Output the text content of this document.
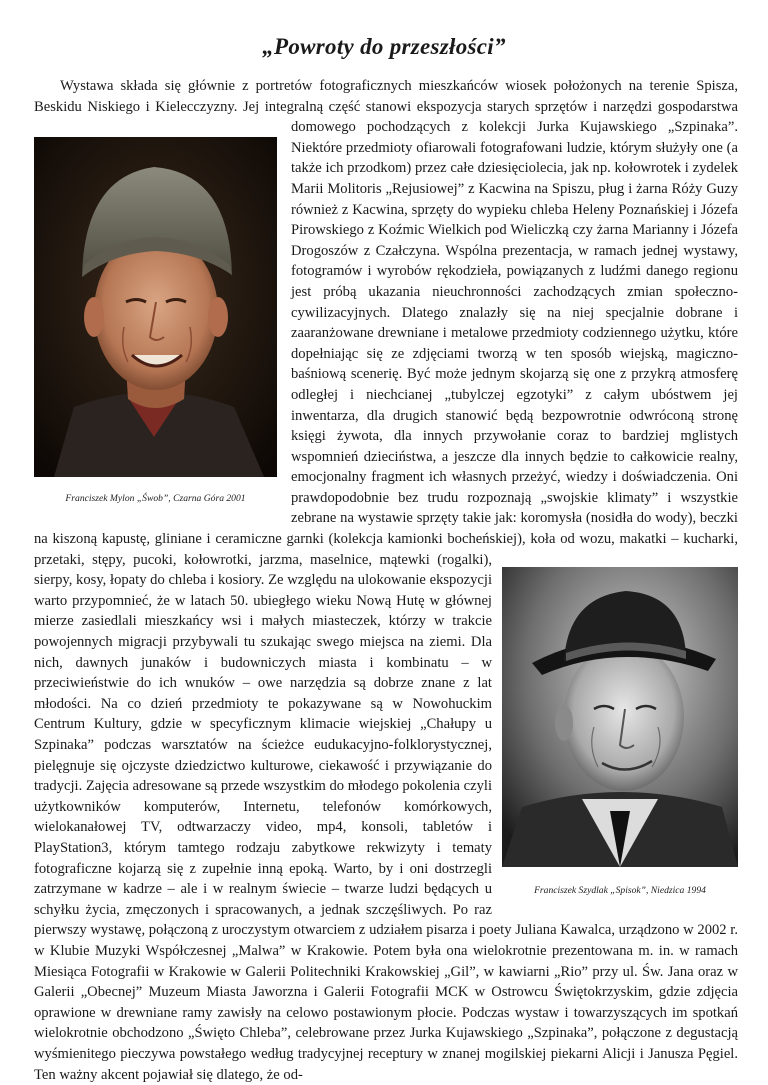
„Powroty do przeszłości”
Franciszek Mylon „Śwob”, Czarna Góra 2001
Franciszek Szydlak „Spisok”, Niedzica 1994
Wystawa składa się głównie z portretów fotograficznych mieszkańców wiosek położonych na terenie Spisza, Beskidu Niskiego i Kielecczyzny. Jej integralną część stanowi ekspozycja starych sprzętów i narzędzi gospodarstwa domowego pochodzących z kolekcji Jurka Kujawskiego „Szpinaka”. Niektóre przedmioty ofiarowali fotografowani ludzie, którym służyły one (a także ich przodkom) przez całe dziesięciolecia, jak np. kołowrotek i zydelek Marii Molitoris „Rejusiowej” z Kacwina na Spiszu, pług i żarna Róży Guzy również z Kacwina, sprzęty do wypieku chleba Heleny Poznańskiej i Józefa Pirowskiego z Koźmic Wielkich pod Wieliczką czy żarna Marianny i Józefa Drogoszów z Czałczyna. Wspólna prezentacja, w ramach jednej wystawy, fotogramów i wyrobów rękodzieła, powiązanych z ludźmi danego regionu jest próbą ukazania nieuchronności zachodzących zmian społeczno-cywilizacyjnych. Dlatego znalazły się na niej specjalnie dobrane i zaaranżowane drewniane i metalowe przedmioty codziennego użytku, które dopełniając się ze zdjęciami tworzą w ten sposób wiejską, magiczno-baśniową scenerię. Być może jednym skojarzą się one z przykrą atmosferę odległej i niechcianej „tubylczej egzotyki” z całym ubóstwem jej inwentarza, dla drugich stanowić będą bezpowrotnie odwróconą stronę księgi żywota, dla innych przywołanie coraz to bardziej mglistych wspomnień dzieciństwa, a jeszcze dla innych będzie to całkowicie realny, emocjonalny fragment ich własnych przeżyć, wiedzy i doświadczenia. Oni prawdopodobnie bez trudu rozpoznają „swojskie klimaty” i wszystkie zebrane na wystawie sprzęty takie jak: koromysła (nosidła do wody), beczki na kiszoną kapustę, gliniane i ceramiczne garnki (kolekcja kamionki bocheńskiej), koła od wozu, makatki – kucharki, przetaki, stępy, pucoki, kołowrotki, jarzma, maselnice, mątewki (rogalki), sierpy, kosy, łopaty do chleba i kosiory. Ze względu na ulokowanie ekspozycji warto przypomnieć, że w latach 50. ubiegłego wieku Nową Hutę w głównej mierze zasiedlali mieszkańcy wsi i małych miasteczek, którzy w trakcie powojennych migracji przybywali tu szukając swego miejsca na ziemi. Dla nich, dawnych junaków i budowniczych miasta i kombinatu – w przeciwieństwie do ich wnuków – owe narzędzia są dobrze znane z lat młodości. Na co dzień przedmioty te pokazywane są w Nowohuckim Centrum Kultury, gdzie w specyficznym klimacie wiejskiej „Chałupy u Szpinaka” podczas warsztatów na ścieżce eudukacyjno-folklorystycznej, pielęgnuje się ojczyste dziedzictwo kulturowe, ciekawość i przywiązanie do tradycji. Zajęcia adresowane są przede wszystkim do młodego pokolenia czyli użytkowników komputerów, Internetu, telefonów komórkowych, wielokanałowej TV, odtwarzaczy video, mp4, konsoli, tabletów i PlayStation3, którym tamtego rodzaju zabytkowe rekwizyty i tematy fotograficzne kojarzą się z zupełnie inną epoką. Warto, by i oni dostrzegli zatrzymane w kadrze – ale i w realnym świecie – twarze ludzi będących u schyłku życia, zmęczonych i spracowanych, a jednak szczęśliwych. Po raz pierwszy wystawę, połączoną z uroczystym otwarciem z udziałem pisarza i poety Juliana Kawalca, urządzono w 2002 r. w Klubie Muzyki Współczesnej „Malwa” w Krakowie. Potem była ona wielokrotnie prezentowana m. in. w ramach Miesiąca Fotografii w Krakowie w Galerii Politechniki Krakowskiej „Gil”, w kawiarni „Rio” przy ul. Św. Jana oraz w Galerii „Obecnej” Muzeum Miasta Jaworzna i Galerii Fotografii MCK w Ostrowcu Świętokrzyskim, gdzie zdjęcia oprawione w drewniane ramy zawisły na celowo postawionym płocie. Podczas wystaw i towarzyszących im spotkań wielokrotnie obchodzono „Święto Chleba”, celebrowane przez Jurka Kujawskiego „Szpinaka”, połączone z degustacją wyśmienitego pieczywa powstałego według tradycyjnej receptury w znanej mogilskiej piekarni Alicji i Janusza Pęgiel. Ten ważny akcent pojawiał się dlatego, że od-
